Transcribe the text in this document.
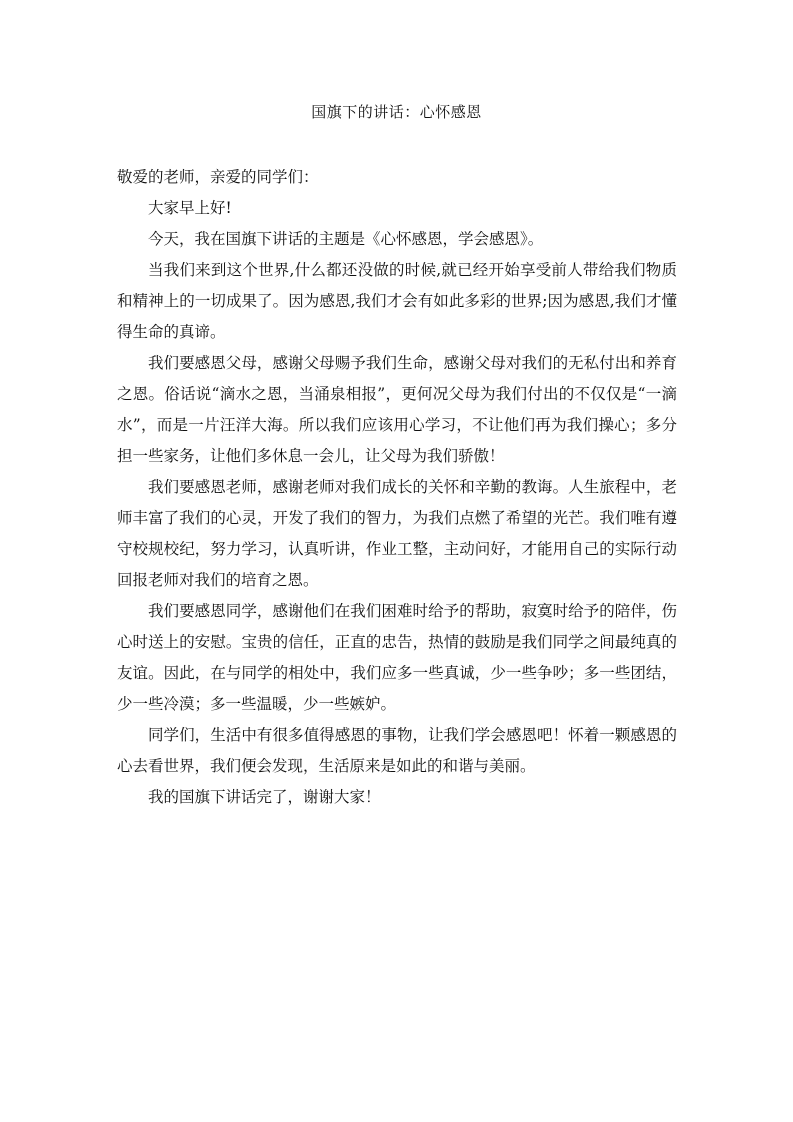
国旗下的讲话：心怀感恩

敬爱的老师，亲爱的同学们：

大家早上好!

今天，我在国旗下讲话的主题是《心怀感恩，学会感恩》。

当我们来到这个世界,什么都还没做的时候,就已经开始享受前人带给我们物质和精神上的一切成果了。因为感恩,我们才会有如此多彩的世界;因为感恩,我们才懂得生命的真谛。

我们要感恩父母，感谢父母赐予我们生命，感谢父母对我们的无私付出和养育之恩。俗话说“滴水之恩，当涌泉相报”，更何况父母为我们付出的不仅仅是“一滴水”，而是一片汪洋大海。所以我们应该用心学习，不让他们再为我们操心；多分担一些家务，让他们多休息一会儿，让父母为我们骄傲！

我们要感恩老师，感谢老师对我们成长的关怀和辛勤的教诲。人生旅程中，老师丰富了我们的心灵，开发了我们的智力，为我们点燃了希望的光芒。我们唯有遵守校规校纪，努力学习，认真听讲，作业工整，主动问好，才能用自己的实际行动回报老师对我们的培育之恩。

我们要感恩同学，感谢他们在我们困难时给予的帮助，寂寞时给予的陪伴，伤心时送上的安慰。宝贵的信任，正直的忠告，热情的鼓励是我们同学之间最纯真的友谊。因此，在与同学的相处中，我们应多一些真诚，少一些争吵；多一些团结，少一些冷漠；多一些温暖，少一些嫉妒。

同学们，生活中有很多值得感恩的事物，让我们学会感恩吧！怀着一颗感恩的心去看世界，我们便会发现，生活原来是如此的和谐与美丽。

我的国旗下讲话完了，谢谢大家！
